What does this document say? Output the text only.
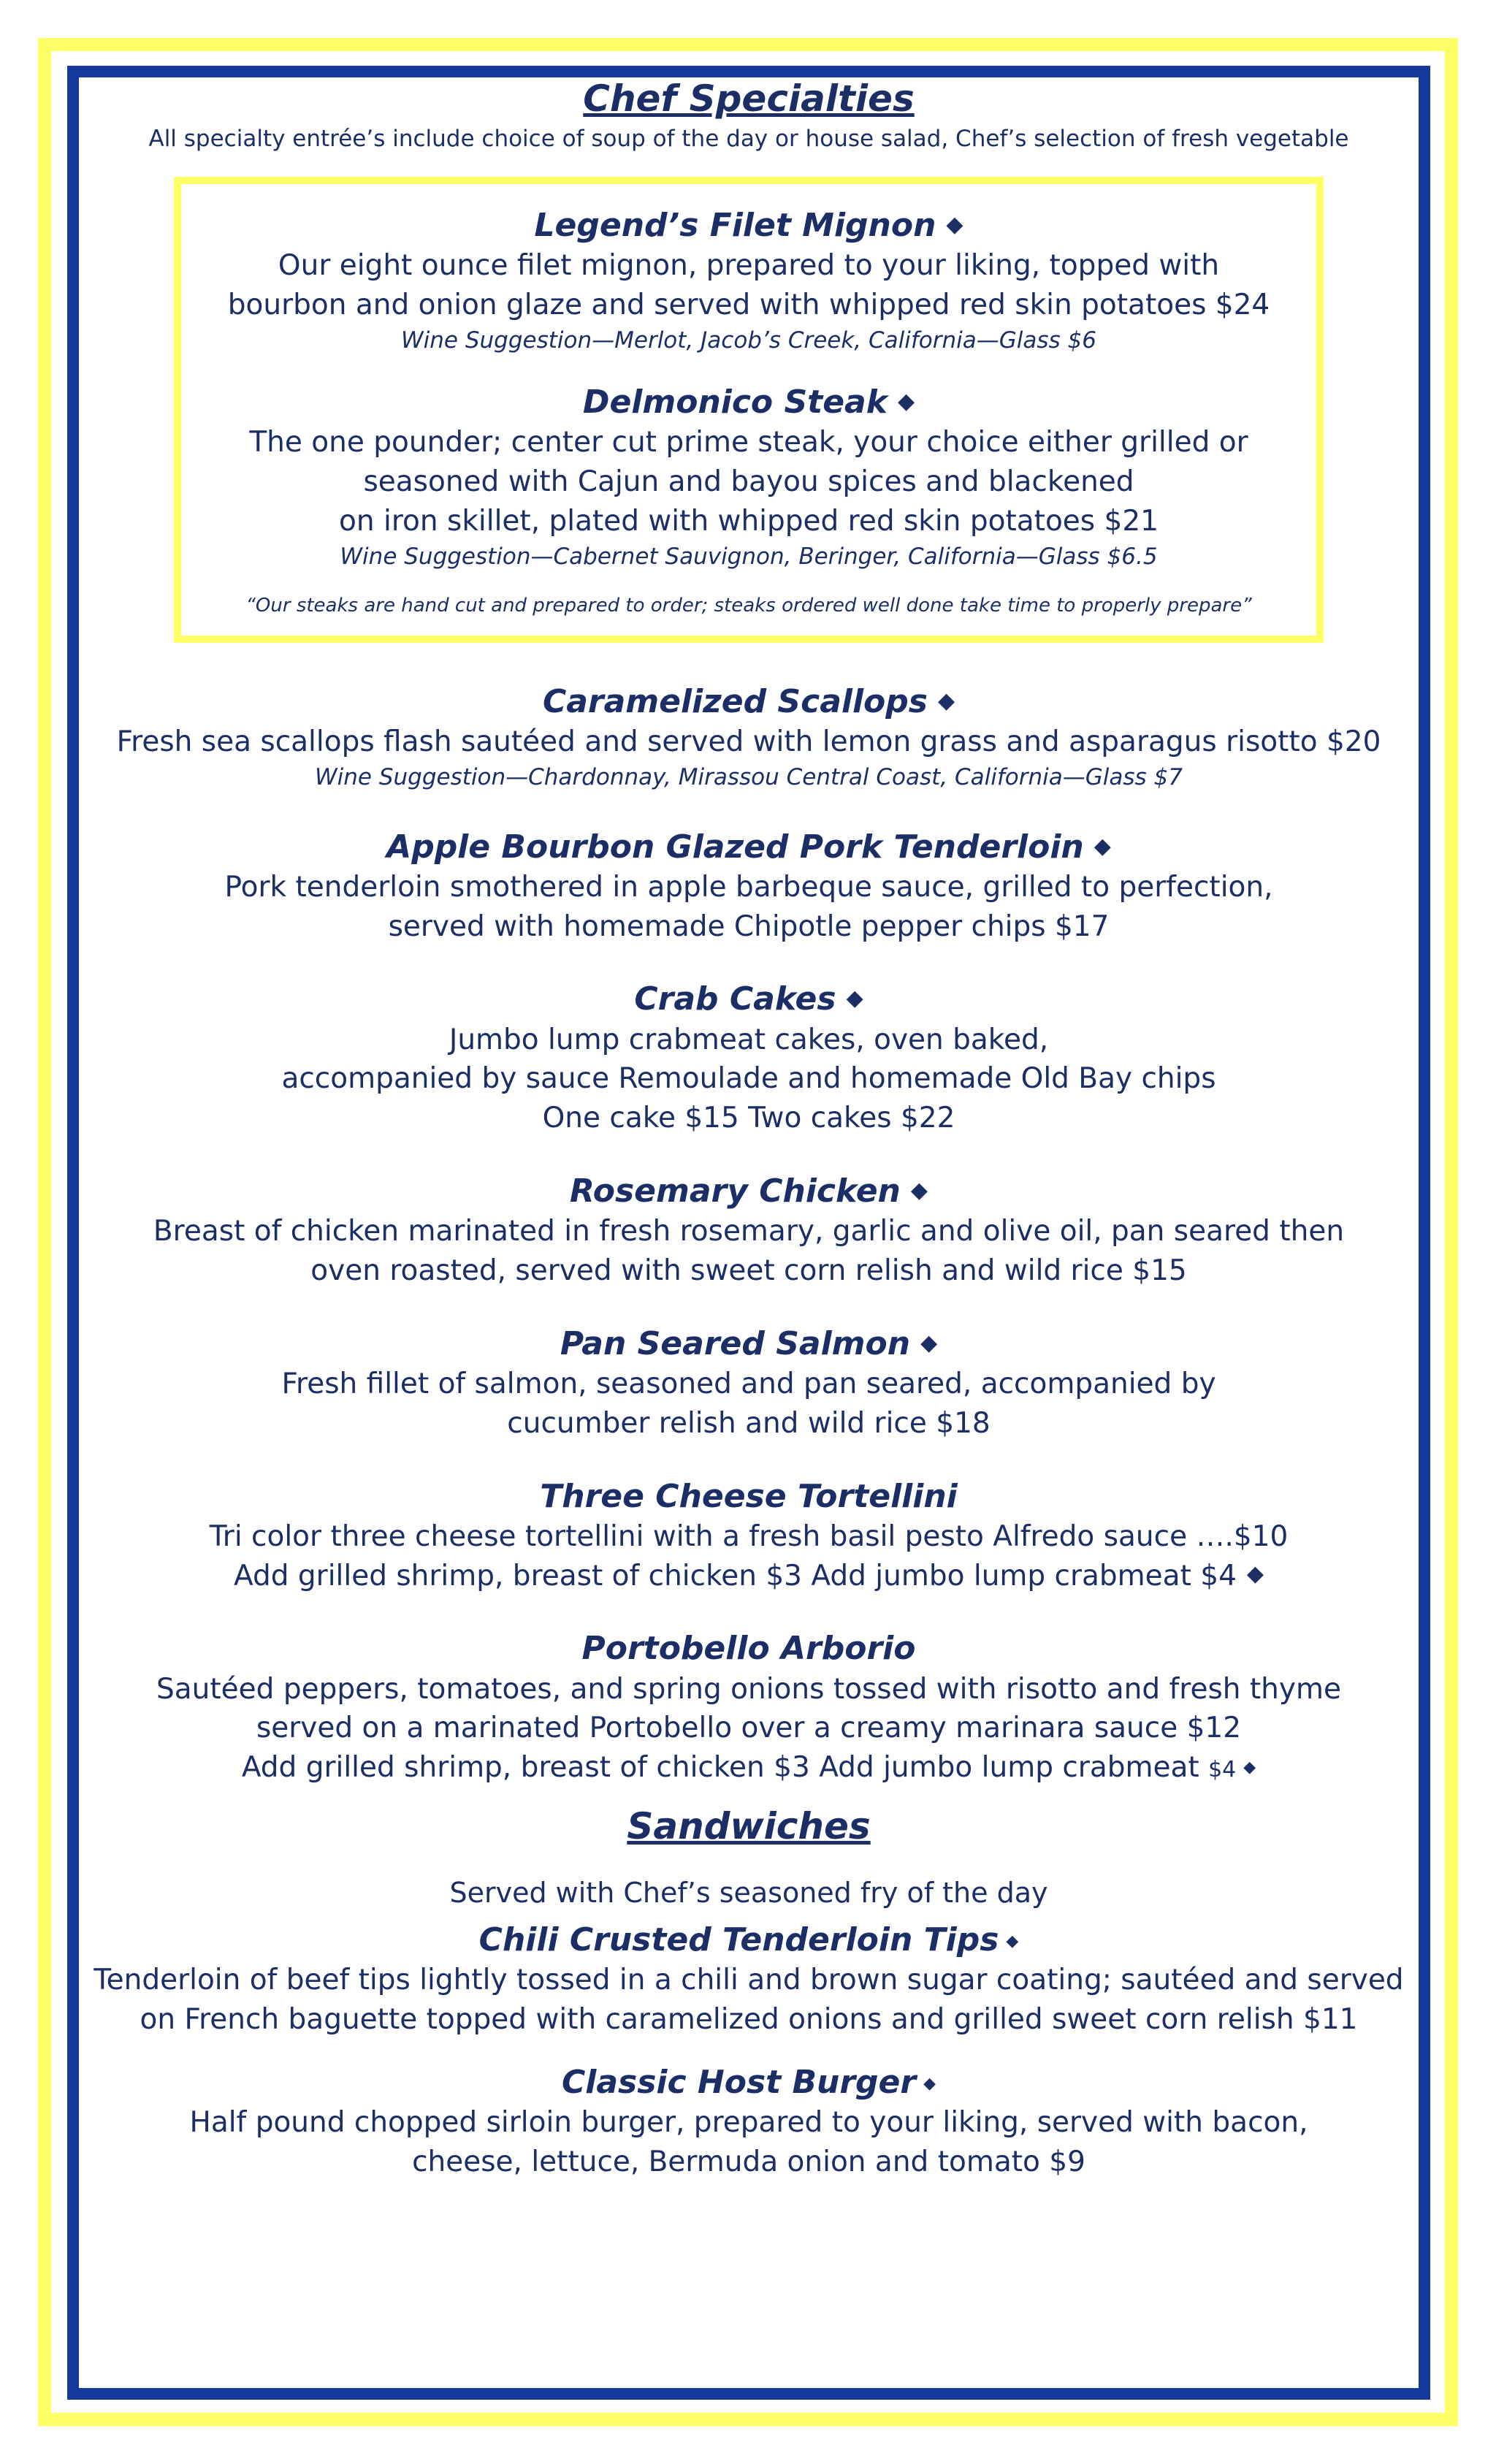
Chef Specialties
All specialty entrée’s include choice of soup of the day or house salad, Chef’s selection of fresh vegetable
Legend’s Filet Mignon ◆
Our eight ounce filet mignon, prepared to your liking, topped with
bourbon and onion glaze and served with whipped red skin potatoes $24
Wine Suggestion—Merlot, Jacob’s Creek, California—Glass $6
Delmonico Steak ◆
The one pounder; center cut prime steak, your choice either grilled or
seasoned with Cajun and bayou spices and blackened
on iron skillet, plated with whipped red skin potatoes $21
Wine Suggestion—Cabernet Sauvignon, Beringer, California—Glass $6.5
“Our steaks are hand cut and prepared to order; steaks ordered well done take time to properly prepare”
Caramelized Scallops ◆
Fresh sea scallops flash sautéed and served with lemon grass and asparagus risotto $20
Wine Suggestion—Chardonnay, Mirassou Central Coast, California—Glass $7
Apple Bourbon Glazed Pork Tenderloin ◆
Pork tenderloin smothered in apple barbeque sauce, grilled to perfection,
served with homemade Chipotle pepper chips $17
Crab Cakes ◆
Jumbo lump crabmeat cakes, oven baked,
accompanied by sauce Remoulade and homemade Old Bay chips
One cake $15 Two cakes $22
Rosemary Chicken ◆
Breast of chicken marinated in fresh rosemary, garlic and olive oil, pan seared then
oven roasted, served with sweet corn relish and wild rice $15
Pan Seared Salmon ◆
Fresh fillet of salmon, seasoned and pan seared, accompanied by
cucumber relish and wild rice $18
Three Cheese Tortellini
Tri color three cheese tortellini with a fresh basil pesto Alfredo sauce ….$10
Add grilled shrimp, breast of chicken $3 Add jumbo lump crabmeat $4 ◆
Portobello Arborio
Sautéed peppers, tomatoes, and spring onions tossed with risotto and fresh thyme
served on a marinated Portobello over a creamy marinara sauce $12
Add grilled shrimp, breast of chicken $3 Add jumbo lump crabmeat $4 ◆
Sandwiches
Served with Chef’s seasoned fry of the day
Chili Crusted Tenderloin Tips ◆
Tenderloin of beef tips lightly tossed in a chili and brown sugar coating; sautéed and served
on French baguette topped with caramelized onions and grilled sweet corn relish $11
Classic Host Burger ◆
Half pound chopped sirloin burger, prepared to your liking, served with bacon,
cheese, lettuce, Bermuda onion and tomato $9
